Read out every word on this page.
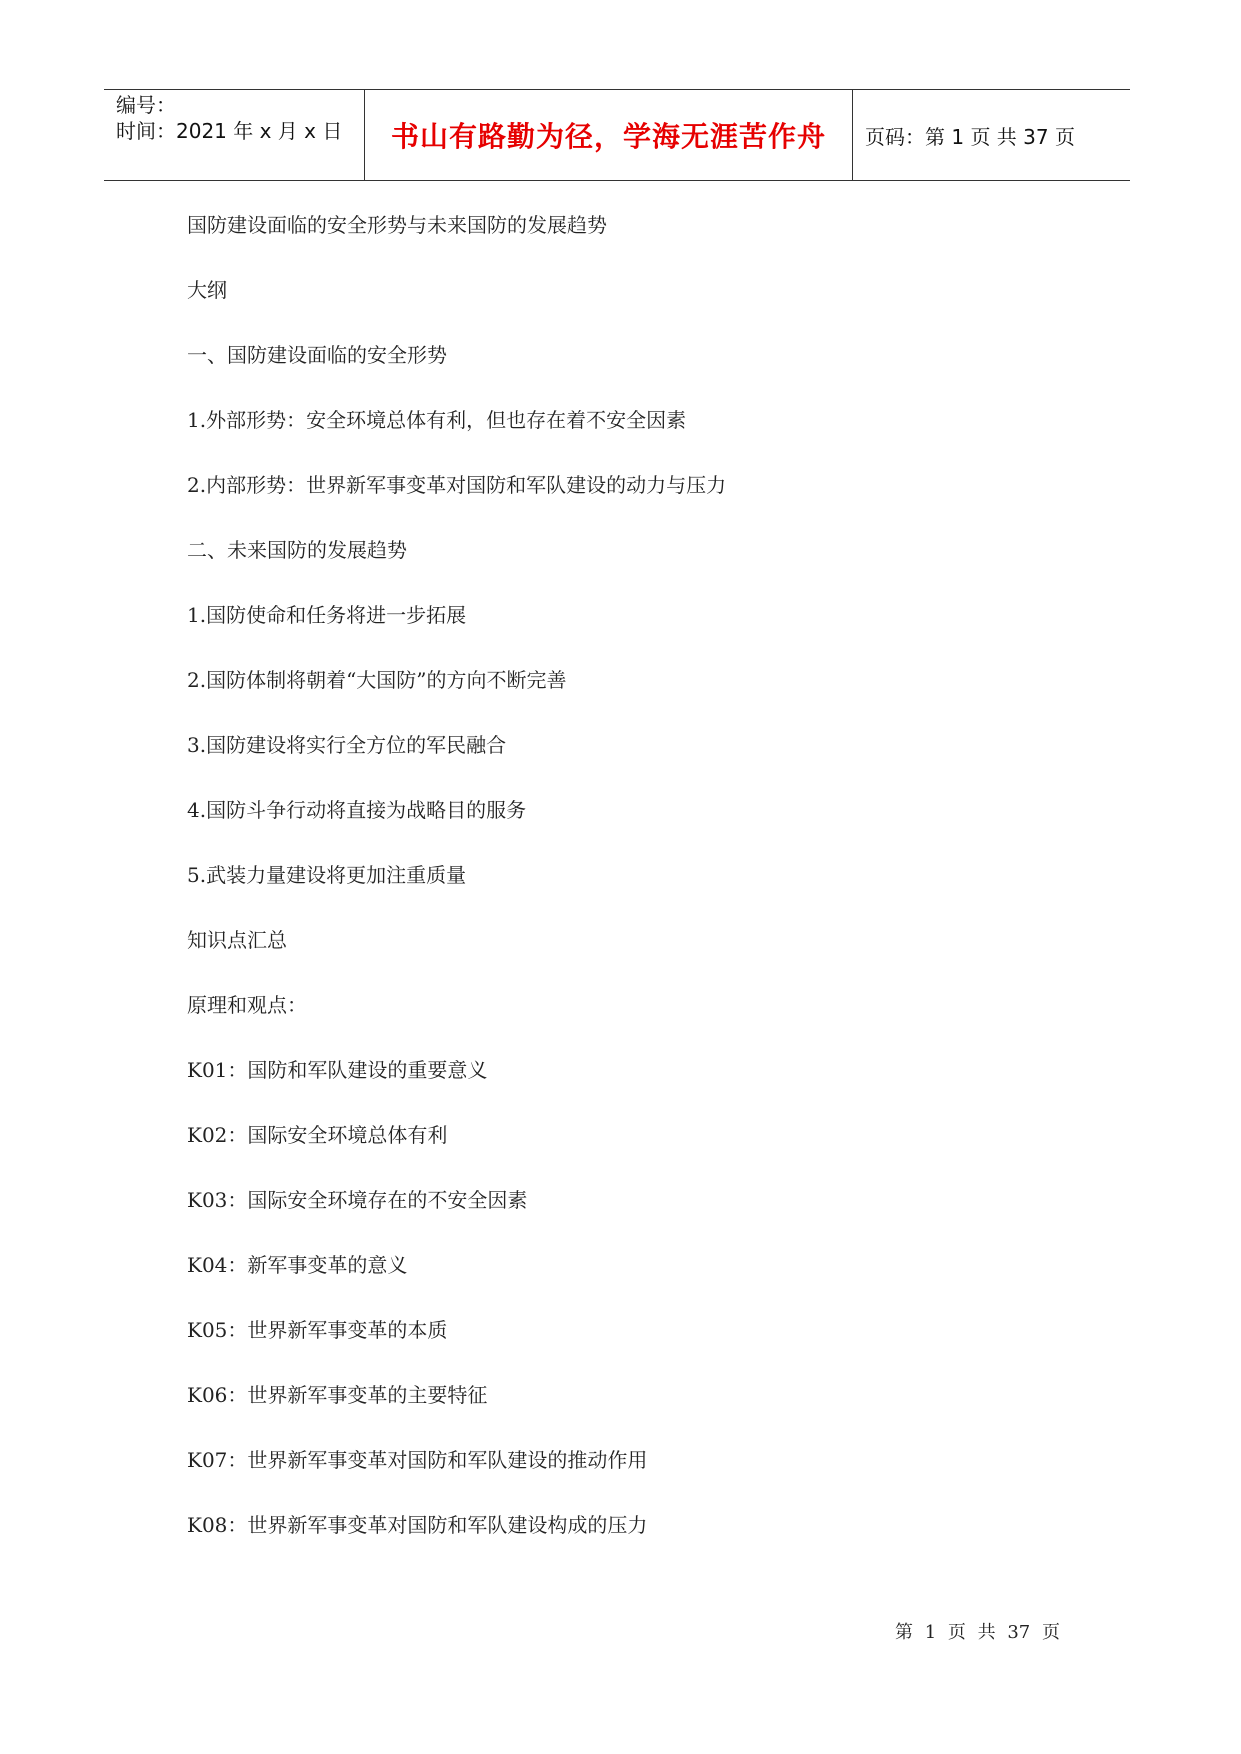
编号：
时间：2021 年 x 月 x 日	书山有路勤为径，学海无涯苦作舟	页码：第 1 页 共 37 页
国防建设面临的安全形势与未来国防的发展趋势
大纲
一、国防建设面临的安全形势
1.外部形势：安全环境总体有利，但也存在着不安全因素
2.内部形势：世界新军事变革对国防和军队建设的动力与压力
二、未来国防的发展趋势
1.国防使命和任务将进一步拓展
2.国防体制将朝着“大国防”的方向不断完善
3.国防建设将实行全方位的军民融合
4.国防斗争行动将直接为战略目的服务
5.武装力量建设将更加注重质量
知识点汇总
原理和观点：
K01：国防和军队建设的重要意义
K02：国际安全环境总体有利
K03：国际安全环境存在的不安全因素
K04：新军事变革的意义
K05：世界新军事变革的本质
K06：世界新军事变革的主要特征
K07：世界新军事变革对国防和军队建设的推动作用
K08：世界新军事变革对国防和军队建设构成的压力
第 1 页 共 37 页
